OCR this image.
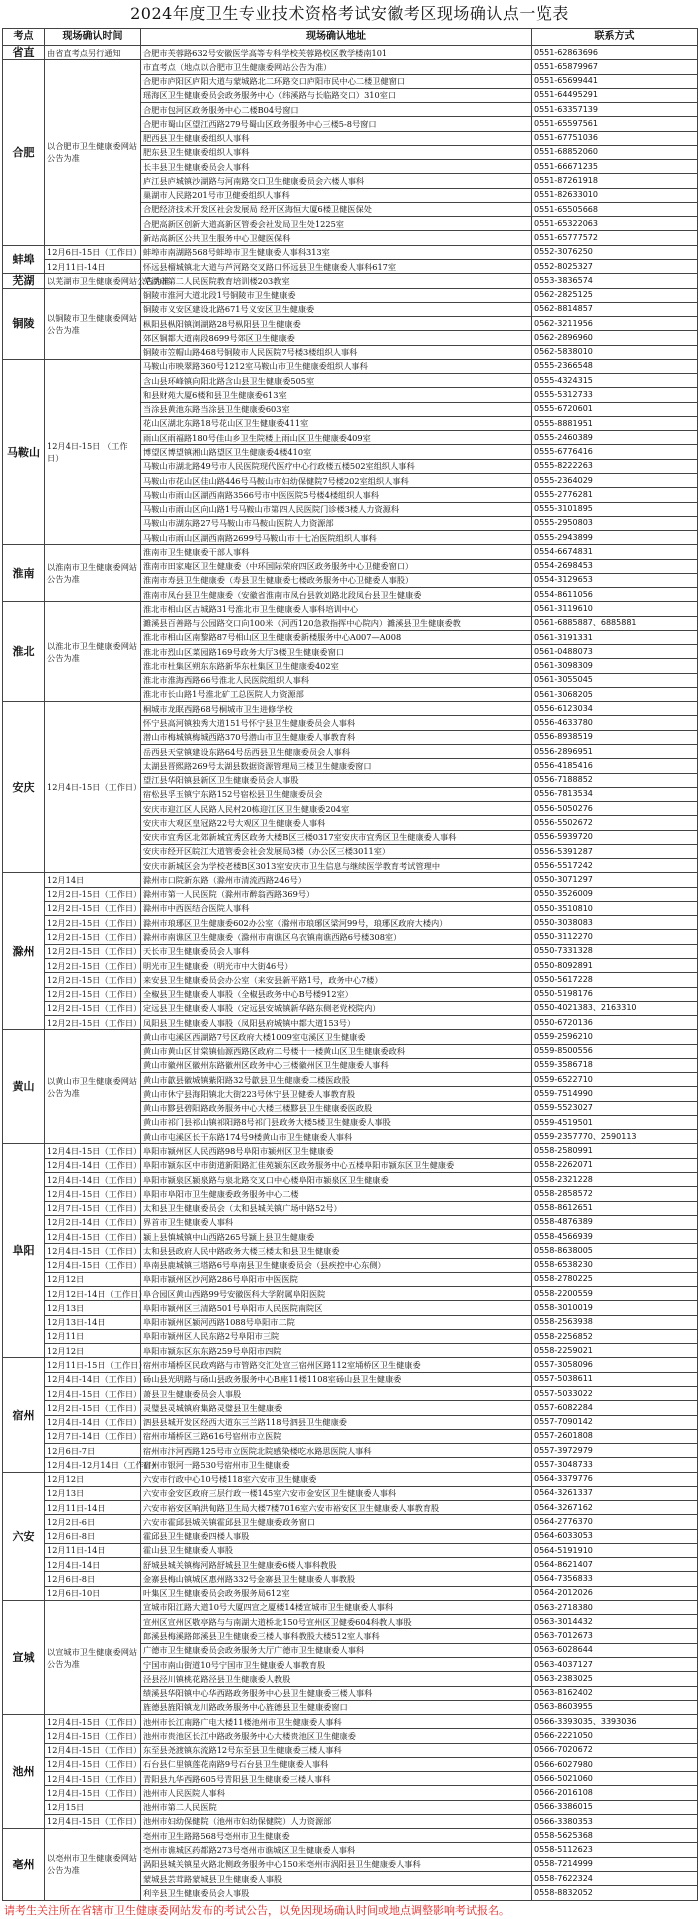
2024年度卫生专业技术资格考试安徽考区现场确认点一览表
考点	现场确认时间	现场确认地址	联系方式
省直	由省直考点另行通知	合肥市芙蓉路632号安徽医学高等专科学校芙蓉路校区教学楼南101	0551-62863696
合肥	以合肥市卫生健康委网站公告为准	市直考点（地点以合肥市卫生健康委网站公告为准）	0551-65879967
		合肥市庐阳区庐阳大道与蒙城路北二环路交口庐阳市民中心二楼卫健窗口	0551-65699441
		瑶海区卫生健康委员会政务服务中心（纬溪路与长临路交口）310室口	0551-64495291
		合肥市包河区政务服务中心二楼B04号窗口	0551-63357139
		合肥市蜀山区望江西路279号蜀山区政务服务中心三楼5-8号窗口	0551-65597561
		肥西县卫生健康委组织人事科	0551-67751036
		肥东县卫生健康委组织人事科	0551-68852060
		长丰县卫生健康委员会人事科	0551-66671235
		庐江县庐城镇沙湖路与河南路交口卫生健康委员会六楼人事科	0551-87261918
		巢湖市人民路201号市卫健委组织人事科	0551-82633010
		合肥经济技术开发区社会发展局 经开区海恒大厦6楼卫健医保处	0551-65505668
		合肥高新区创新大道高新区管委会社发局卫生处1225室	0551-65322063
		新站高新区公共卫生服务中心卫健医保科	0551-65777572
蚌埠	12月6日-15日（工作日）	蚌埠市南湖路568号蚌埠市卫生健康委人事科313室	0552-3076250
	12月11日-14日	怀远县榴城镇北大道与芦河路交叉路口怀远县卫生健康委人事科617室	0552-8025327
芜湖	以芜湖市卫生健康委网站公告为准	芜湖市第二人民医院教育培训楼203教室	0553-3836574
铜陵	以铜陵市卫生健康委网站公告为准	铜陵市淮河大道北段1号铜陵市卫生健康委	0562-2825125
		铜陵市义安区建设北路671号义安区卫生健康委	0562-8814857
		枞阳县枞阳镇浏湖路28号枞阳县卫生健康委	0562-3211956
		郊区铜都大道南段8699号郊区卫生健康委	0562-2896960
		铜陵市笠帽山路468号铜陵市人民医院7号楼3楼组织人事科	0562-5838010
马鞍山	12月4日-15日 （工作日）	马鞍山市映翠路360号1212室马鞍山市卫生健康委组织人事科	0555-2366548
		含山县环峰镇向阳北路含山县卫生健康委505室	0555-4324315
		和县财苑大厦6楼和县卫生健康委613室	0555-5312733
		当涂县黄池东路当涂县卫生健康委603室	0555-6720601
		花山区湖北东路18号花山区卫生健康委411室	0555-8881951
		雨山区雨福路180号佳山乡卫生院楼上雨山区卫生健康委409室	0555-2460389
		博望区博望镇湘山路望区卫生健康委4楼410室	0555-6776416
		马鞍山市湖北路49号市人民医院现代医疗中心行政楼五楼502室组织人事科	0555-8222263
		马鞍山市花山区佳山路446号马鞍山市妇幼保健院7号楼202室组织人事科	0555-2364029
		马鞍山市雨山区湖西南路3566号市中医医院5号楼4楼组织人事科	0555-2776281
		马鞍山市雨山区向山路1号马鞍山市第四人民医院门诊楼3楼人力资源科	0555-3101895
		马鞍山市湖东路27号马鞍山市马鞍山医院人力资源部	0555-2950803
		马鞍山市雨山区湖西南路2699号马鞍山市十七冶医院组织人事科	0555-2943899
淮南	以淮南市卫生健康委网站公告为准	淮南市卫生健康委干部人事科	0554-6674831
		淮南市田家庵区卫生健康委（中环国际荣府四区政务服务中心卫健委窗口）	0554-2698453
		淮南市寿县卫生健康委（寿县卫生健康委七楼政务服务中心卫健委人事股）	0554-3129653
		淮南市凤台县卫生健康委（安徽省淮南市凤台县敦刘路北段凤台县卫生健康委	0554-8611056
淮北	以淮北市卫生健康委网站公告为准	淮北市相山区古城路31号淮北市卫生健康委人事科培训中心	0561-3119610
		濉溪县百善路与公园路交口向100米（河西120急救指挥中心院内）濉溪县卫生健康委教	0561-6885887、6885881
		淮北市相山区南黎路87号相山区卫生健康委新楼服务中心A007—A008	0561-3191331
		淮北市烈山区菜园路169号政务大厅3楼卫生健康委窗口	0561-0488073
		淮北市杜集区朔东东路新华东杜集区卫生健康委402室	0561-3098309
		淮北市淮海西路66号淮北人民医院组织人事科	0561-3055045
		淮北市长山路1号淮北矿工总医院人力资源部	0561-3068205
安庆	12月4日-15日（工作日）	桐城市龙眠西路68号桐城市卫生进修学校	0556-6123034
		怀宁县高河镇独秀大道151号怀宁县卫生健康委员会人事科	0556-4633780
		潜山市梅城镇梅城西路370号潜山市卫生健康委人事教育科	0556-8938519
		岳西县天堂镇建设东路64号岳西县卫生健康委员会人事科	0556-2896951
		太湖县晋熙路269号太湖县数据资源管理局三楼卫生健康委窗口	0556-4185416
		望江县华阳镇县新区卫生健康委员会人事股	0556-7188852
		宿松县孚玉镇宁东路152号宿松县卫生健康委员会	0556-7813534
		安庆市迎江区人民路人民村20栋迎江区卫生健康委204室	0556-5050276
		安庆市大观区皇冠路22号大观区卫生健康委人事科	0556-5502672
		安庆市宜秀区北郊新城宜秀区政务大楼B区三楼0317室安庆市宜秀区卫生健康委人事科	0556-5939720
		安庆市经开区皖江大道管委会社会发展局3楼（办公区三楼3011室）	0556-5391287
		安庆市新城区会为学校老楼B区3013室安庆市卫生信息与继续医学教育考试管理中	0556-5517242
滁州	12月14日	滁州市口院新东路（滁州市清流西路246号）	0550-3071297
	12月2日-15日（工作日）	滁州市第一人民医院（滁州市醉翁西路369号）	0550-3526009
	12月2日-15日（工作日）	滁州市中西医结合医院人事科	0550-3510810
	12月2日-15日（工作日）	滁州市琅琊区卫生健康委602办公室（滁州市琅琊区梁河99号，琅琊区政府大楼内）	0550-3038083
	12月2日-15日（工作日）	滁州市南谯区卫生健康委（滁州市南谯区乌衣镇南谯西路6号楼308室）	0550-3112270
	12月2日-15日（工作日）	天长市卫生健康委员会人事科	0550-7331328
	12月2日-15日（工作日）	明光市卫生健康委（明光市中大街46号）	0550-8092891
	12月2日-15日（工作日）	来安县卫生健康委员会办公室（来安县新平路1号，政务中心7楼）	0550-5617228
	12月2日-15日（工作日）	全椒县卫生健康委人事股（全椒县政务中心B号楼912室）	0550-5198176
	12月2日-15日（工作日）	定远县卫生健康委人事股（定远县安城镇新华路东侧老党校院内）	0550-4021383、2163310
	12月2日-15日（工作日）	凤阳县卫生健康委人事股（凤阳县府城镇中都大道153号）	0550-6720136
黄山	以黄山市卫生健康委网站公告为准	黄山市屯溪区西湖路7号区政府大楼1009室屯溪区卫生健康委	0559-2596210
		黄山市黄山区甘棠镇仙源西路区政府二号楼十一楼黄山区卫生健康委政科	0559-8500556
		黄山市徽州区徽州东路徽州区政务中心三楼徽州区卫生健康委人事科	0559-3586718
		黄山市歙县徽城镇紫阳路32号歙县卫生健康委二楼医政股	0559-6522710
		黄山市休宁县海阳镇北大街223号休宁县卫健委人事教育股	0559-7514990
		黄山市黟县碧阳路政务服务中心大楼三楼黟县卫生健康委医政股	0559-5523027
		黄山市祁门县祁山镇祁阳路8号祁门县政务大楼5楼卫生健康委人事股	0559-4519501
		黄山市屯溪区长干东路174号9楼黄山市卫生健康委人事科	0559-2357770、2590113
阜阳	12月4日-15日（工作日）	阜阳市颍州区人民西路98号阜阳市颍州区卫生健康委	0558-2580991
	12月4日-14日（工作日）	阜阳市颍东区中市街道新阳路汇佳苑颍东区政务服务中心五楼阜阳市颍东区卫生健康委	0558-2262071
	12月4日-14日（工作日）	阜阳市颍泉区颍泉路与泉北路交叉口中心楼阜阳市颍泉区卫生健康委	0558-2321228
	12月4日-15日（工作日）	阜阳市阜阳市卫生健康委政务服务中心二楼	0558-2858572
	12月7日-15日（工作日）	太和县卫生健康委员会（太和县城关镇广场中路52号）	0558-8612651
	12月2日-14日（工作日）	界首市卫生健康委人事科	0558-4876389
	12月4日-15日（工作日）	颍上县慎城镇中山西路265号颍上县卫生健康委	0558-4566939
	12月4日-15日（工作日）	太和县县政府人民中路政务大楼三楼太和县卫生健康委	0558-8638005
	12月4日-15日（工作日）	阜南县鹿城镇三塔路6号阜南县卫生健康委员会（县疾控中心东侧）	0558-6538230
	12月12日	阜阳市颍州区沙河路286号阜阳市中医医院	0558-2780225
	12月12日-14日（工作日）	阜合园区黄山西路99号安徽医科大学附属阜阳医院	0558-2200559
	12月13日	阜阳市颍州区三清路501号阜阳市人民医院南院区	0558-3010019
	12月13日-14日	阜阳市颍州区颍河西路1088号阜阳市二院	0558-2563938
	12月11日	阜阳市颍州区人民东路2号阜阳市三院	0558-2256852
	12月12日	阜阳市颍东区东东路259号阜阳市四院	0558-2259021
宿州	12月11日-15日（工作日）	宿州市埇桥区民政鸡路与市管路交汇处宣三宿州区路112室埇桥区卫生健康委	0557-3058096
	12月4日-14日（工作日）	砀山县光明路与砀山县政务服务中心B座11楼1108室砀山县卫生健康委	0557-5038611
	12月4日-15日（工作日）	萧县卫生健康委员会人事股	0557-5033022
	12月2日-15日（工作日）	灵璧县灵城镇府集路灵璧县卫生健康委	0557-6082284
	12月4日-14日（工作日）	泗县县城开发区经西大道东三兰路118号泗县卫生健康委	0557-7090142
	12月7日-14日（工作日）	宿州市埇桥区三路616号宿州市立医院	0557-2601808
	12月6日-7日	宿州市汴河西路125号市立医院北院感染楼吃水路思医院人事科	0557-3972979
	12月4日-12月14日（工作日）	宿州市银河一路530号宿州市卫生健康委	0557-3048733
六安	12月12日	六安市行政中心10号楼118室六安市卫生健康委	0564-3379776
	12月13日	六安市金安区政府三层行政一楼145室六安市金安区卫生健康委人事科	0564-3261337
	12月11日-14日	六安市裕安区响洪甸路卫生局大楼7楼7016室六安市裕安区卫生健康委人事教育股	0564-3267162
	12月2日-6日	六安市霍邱县城关镇霍邱县卫生健康委政务窗口	0564-2776370
	12月6日-8日	霍邱县卫生健康委四楼人事股	0564-6033053
	12月11日-14日	霍山县卫生健康委人事股	0564-5191910
	12月4日-14日	舒城县城关镇梅河路舒城县卫生健康委6楼人事科教股	0564-8621407
	12月6日-8日	金寨县梅山镇城区惠州路332号金寨县卫生健康委人事教股	0564-7356833
	12月6日-10日	叶集区卫生健康委员会政务服务局612室	0564-2012026
宣城	以宣城市卫生健康委网站公告为准	宣城市阳江路大道10号大厦四宣之厦楼14楼宣城市卫生健康委人事科	0563-2718380
		宣州区宣州区敬亭路与与南湖大道桥北150号宣州区卫健委604科教人事股	0563-3014432
		郎溪县梅溪路郎溪县卫生健康委三楼人事科教股大楼512室人事科	0563-7012673
		广德市卫生健康委员会政务服务大厅广德市卫生健康委人事科	0563-6028644
		宁国市南山街道10号宁国市卫生健康委人事教育股	0563-4037127
		泾县泾川镇桃花路泾县卫生健康委人教股	0563-2383025
		绩溪县华阳镇中心华西路政务服务中心县卫生健康委三楼人事科	0563-8162402
		旌德县旌阳镇龙川路政务服务中心旌德县卫生健康委窗口	0563-8603955
池州	12月4日-15日（工作日）	池州市长江南路广电大楼11楼池州市卫生健康委人事科	0566-3393035、3393036
	12月4日-15日（工作日）	池州市贵池区长江中路政务服务中心大楼贵池区卫生健康委	0566-2221050
	12月4日-15日（工作日）	东至县尧渡镇东流路12号东至县卫生健康委三楼人事科	0566-7020672
	12月4日-15日（工作日）	石台县仁里镇莲花南路9号石台县卫生健康委人事科	0566-6027980
	12月4日-15日（工作日）	青阳县九华西路605号青阳县卫生健康委三楼人事科	0566-5021060
	12月4日-15日（工作日）	池州市人民医院人事科	0566-2016108
	12月15日	池州市第二人民医院	0566-3386015
	12月4日-15日（工作日）	池州市妇幼保健院（池州市妇幼保健院）人力资源部	0566-3380353
亳州	以亳州市卫生健康委网站公告为准	亳州市卫生路路568号亳州市卫生健康委	0558-5625368
		亳州市谯城区药都路273号亳州市谯城区卫生健康委人事科	0558-5112623
		涡阳县城关镇星火路北侧政务服务中心150米亳州市涡阳县卫生健康委人事科	0558-7214999
		蒙城县芸茸路蒙城县卫生健康委人事股	0558-7622324
		利辛县卫生健康委员会人事股	0558-8832052
请考生关注所在省辖市卫生健康委网站发布的考试公告，以免因现场确认时间或地点调整影响考试报名。
